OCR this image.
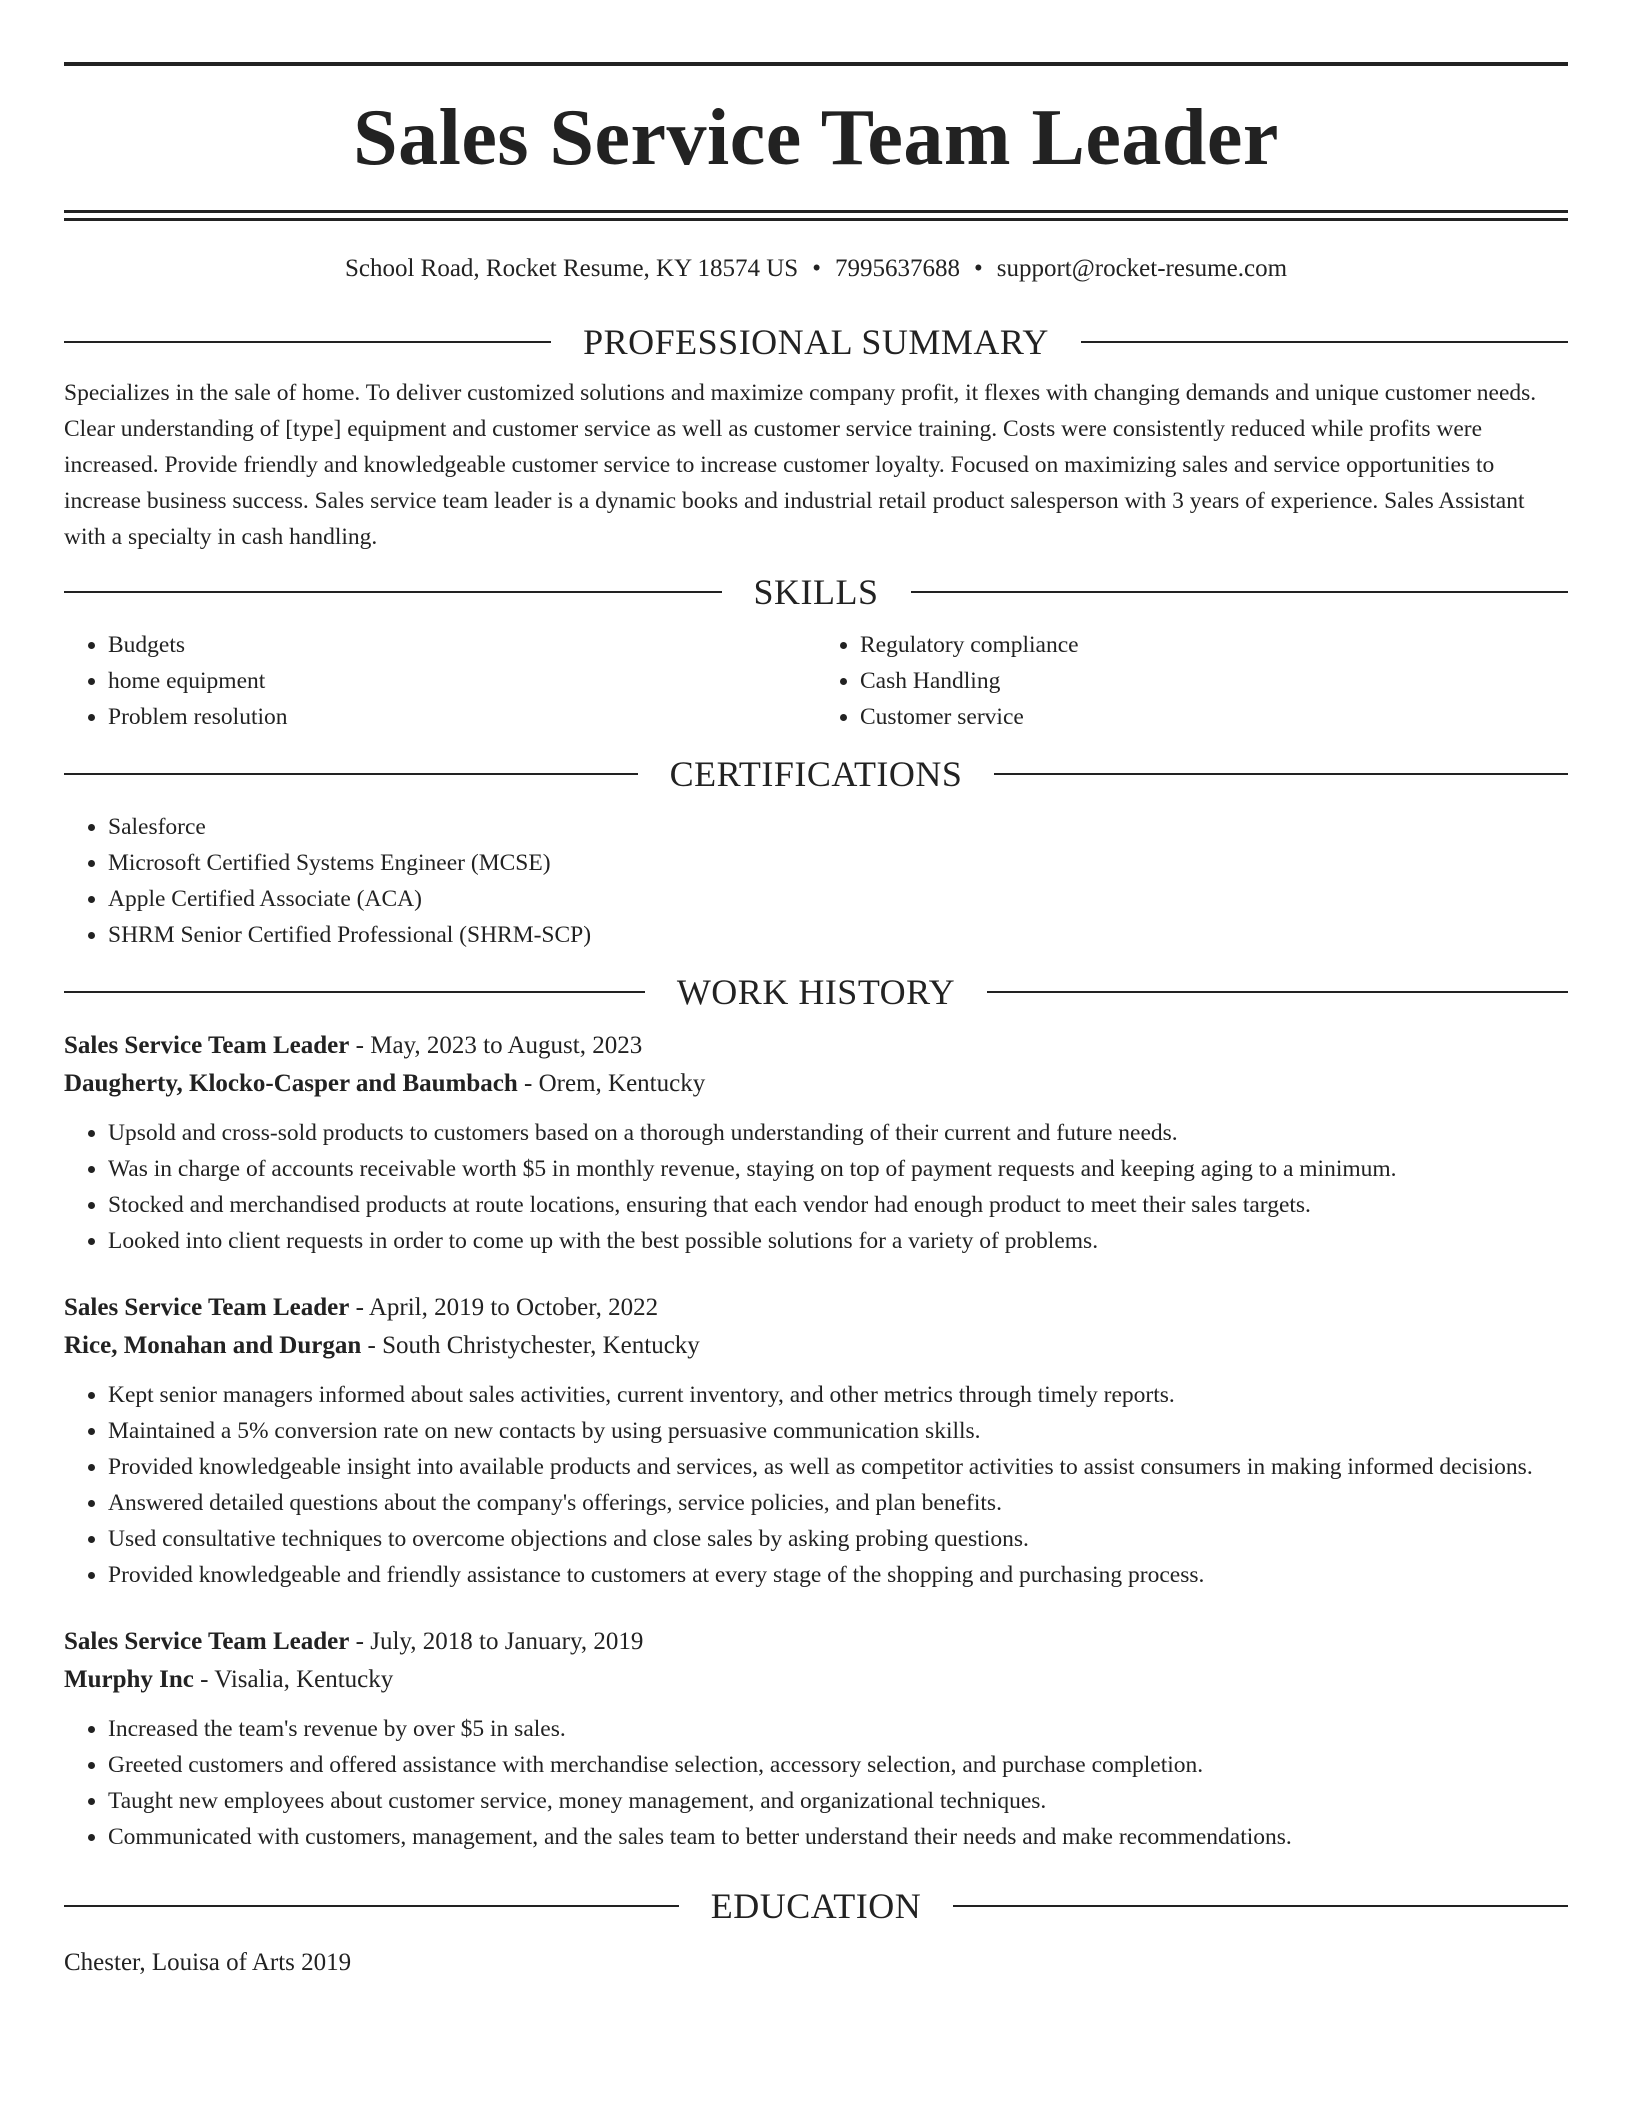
Sales Service Team Leader
School Road, Rocket Resume, KY 18574 US • 7995637688 • support@rocket-resume.com
PROFESSIONAL SUMMARY

Specializes in the sale of home. To deliver customized solutions and maximize company profit, it flexes with changing demands and unique customer needs. Clear understanding of [type] equipment and customer service as well as customer service training. Costs were consistently reduced while profits were increased. Provide friendly and knowledgeable customer service to increase customer loyalty. Focused on maximizing sales and service opportunities to increase business success. Sales service team leader is a dynamic books and industrial retail product salesperson with 3 years of experience. Sales Assistant with a specialty in cash handling.

SKILLS
• Budgets
• home equipment
• Problem resolution
• Regulatory compliance
• Cash Handling
• Customer service
CERTIFICATIONS
• Salesforce
• Microsoft Certified Systems Engineer (MCSE)
• Apple Certified Associate (ACA)
• SHRM Senior Certified Professional (SHRM-SCP)
WORK HISTORY
Sales Service Team Leader - May, 2023 to August, 2023
Daugherty, Klocko-Casper and Baumbach - Orem, Kentucky
• Upsold and cross-sold products to customers based on a thorough understanding of their current and future needs.
• Was in charge of accounts receivable worth $5 in monthly revenue, staying on top of payment requests and keeping aging to a minimum.
• Stocked and merchandised products at route locations, ensuring that each vendor had enough product to meet their sales targets.
• Looked into client requests in order to come up with the best possible solutions for a variety of problems.
Sales Service Team Leader - April, 2019 to October, 2022
Rice, Monahan and Durgan - South Christychester, Kentucky
• Kept senior managers informed about sales activities, current inventory, and other metrics through timely reports.
• Maintained a 5% conversion rate on new contacts by using persuasive communication skills.
• Provided knowledgeable insight into available products and services, as well as competitor activities to assist consumers in making informed decisions.
• Answered detailed questions about the company's offerings, service policies, and plan benefits.
• Used consultative techniques to overcome objections and close sales by asking probing questions.
• Provided knowledgeable and friendly assistance to customers at every stage of the shopping and purchasing process.
Sales Service Team Leader - July, 2018 to January, 2019
Murphy Inc - Visalia, Kentucky
• Increased the team's revenue by over $5 in sales.
• Greeted customers and offered assistance with merchandise selection, accessory selection, and purchase completion.
• Taught new employees about customer service, money management, and organizational techniques.
• Communicated with customers, management, and the sales team to better understand their needs and make recommendations.
EDUCATION
Chester, Louisa of Arts 2019
